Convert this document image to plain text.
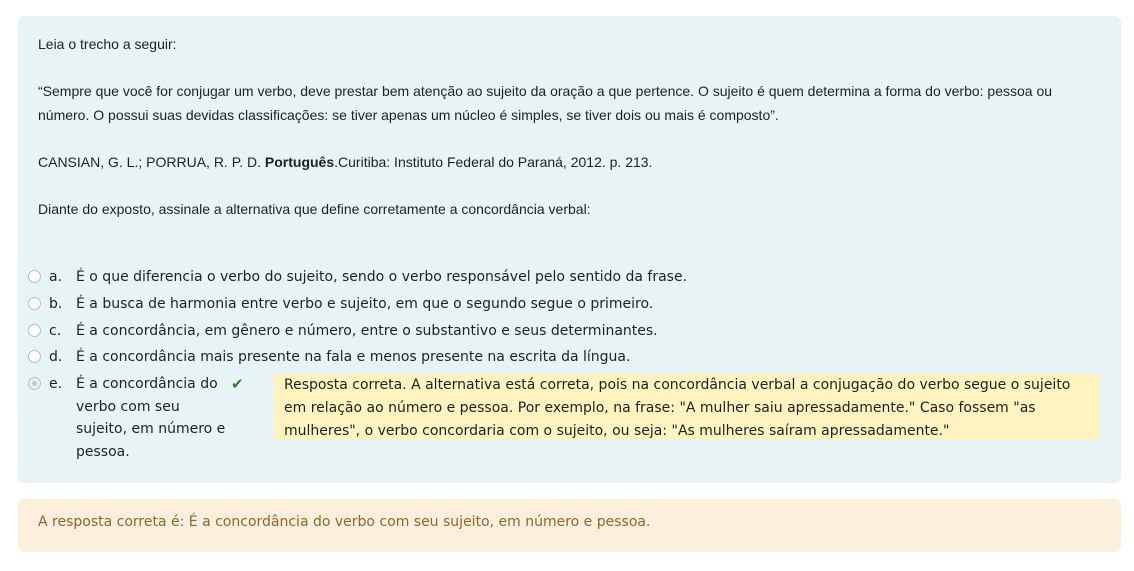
Leia o trecho a seguir:

“Sempre que você for conjugar um verbo, deve prestar bem atenção ao sujeito da oração a que pertence. O sujeito é quem determina a forma do verbo: pessoa ou número. O possui suas devidas classificações: se tiver apenas um núcleo é simples, se tiver dois ou mais é composto”.

CANSIAN, G. L.; PORRUA, R. P. D. Português.Curitiba: Instituto Federal do Paraná, 2012. p. 213.

Diante do exposto, assinale a alternativa que define corretamente a concordância verbal:

a. É o que diferencia o verbo do sujeito, sendo o verbo responsável pelo sentido da frase.
b. É a busca de harmonia entre verbo e sujeito, em que o segundo segue o primeiro.
c. É a concordância, em gênero e número, entre o substantivo e seus determinantes.
d. É a concordância mais presente na fala e menos presente na escrita da língua.
e. É a concordância do verbo com seu sujeito, em número e pessoa.
✔	Resposta correta. A alternativa está correta, pois na concordância verbal a conjugação do verbo segue o sujeito em relação ao número e pessoa. Por exemplo, na frase: "A mulher saiu apressadamente." Caso fossem "as mulheres", o verbo concordaria com o sujeito, ou seja: "As mulheres saíram apressadamente."
A resposta correta é: É a concordância do verbo com seu sujeito, em número e pessoa.
